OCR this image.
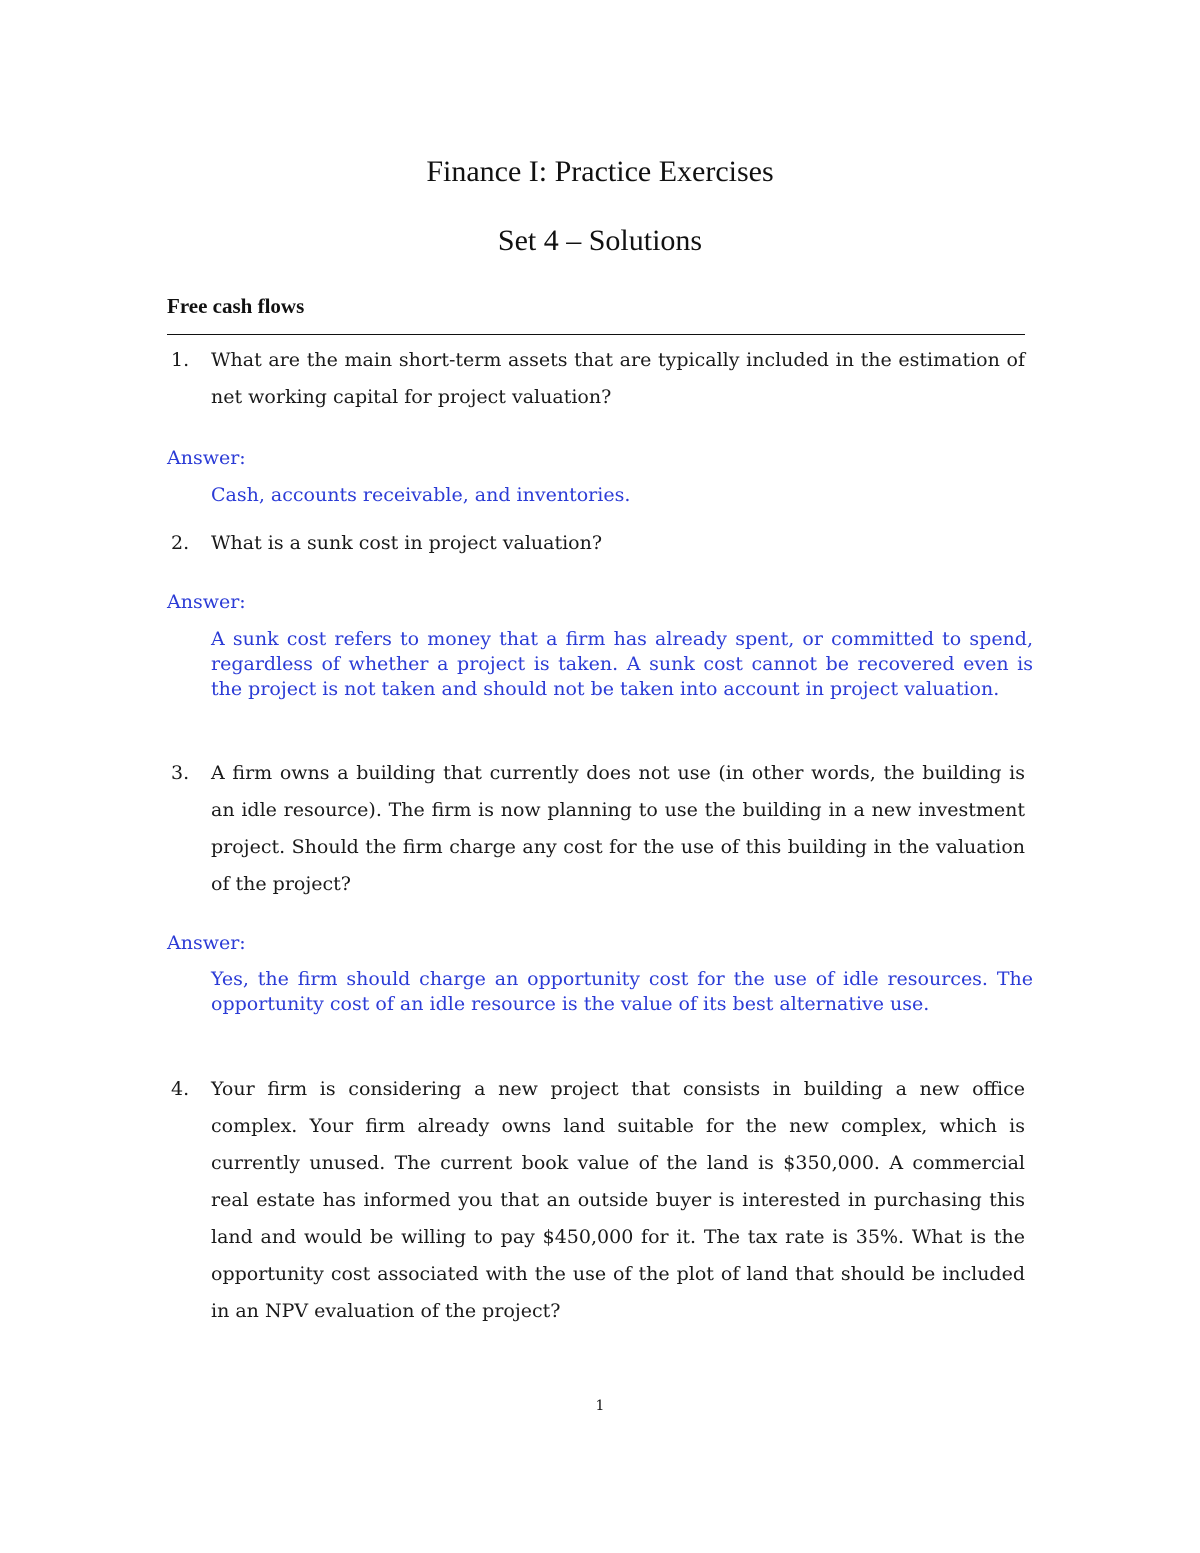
Finance I: Practice Exercises
Set 4 – Solutions
Free cash flows
1. What are the main short-term assets that are typically included in the estimation of net working capital for project valuation?
Answer:
Cash, accounts receivable, and inventories.
2. What is a sunk cost in project valuation?
Answer:
A sunk cost refers to money that a firm has already spent, or committed to spend, regardless of whether a project is taken. A sunk cost cannot be recovered even is the project is not taken and should not be taken into account in project valuation.
3. A firm owns a building that currently does not use (in other words, the building is an idle resource). The firm is now planning to use the building in a new investment project. Should the firm charge any cost for the use of this building in the valuation of the project?
Answer:
Yes, the firm should charge an opportunity cost for the use of idle resources. The opportunity cost of an idle resource is the value of its best alternative use.
4. Your firm is considering a new project that consists in building a new office complex. Your firm already owns land suitable for the new complex, which is currently unused. The current book value of the land is $350,000. A commercial real estate has informed you that an outside buyer is interested in purchasing this land and would be willing to pay $450,000 for it. The tax rate is 35%. What is the opportunity cost associated with the use of the plot of land that should be included in an NPV evaluation of the project?
1
